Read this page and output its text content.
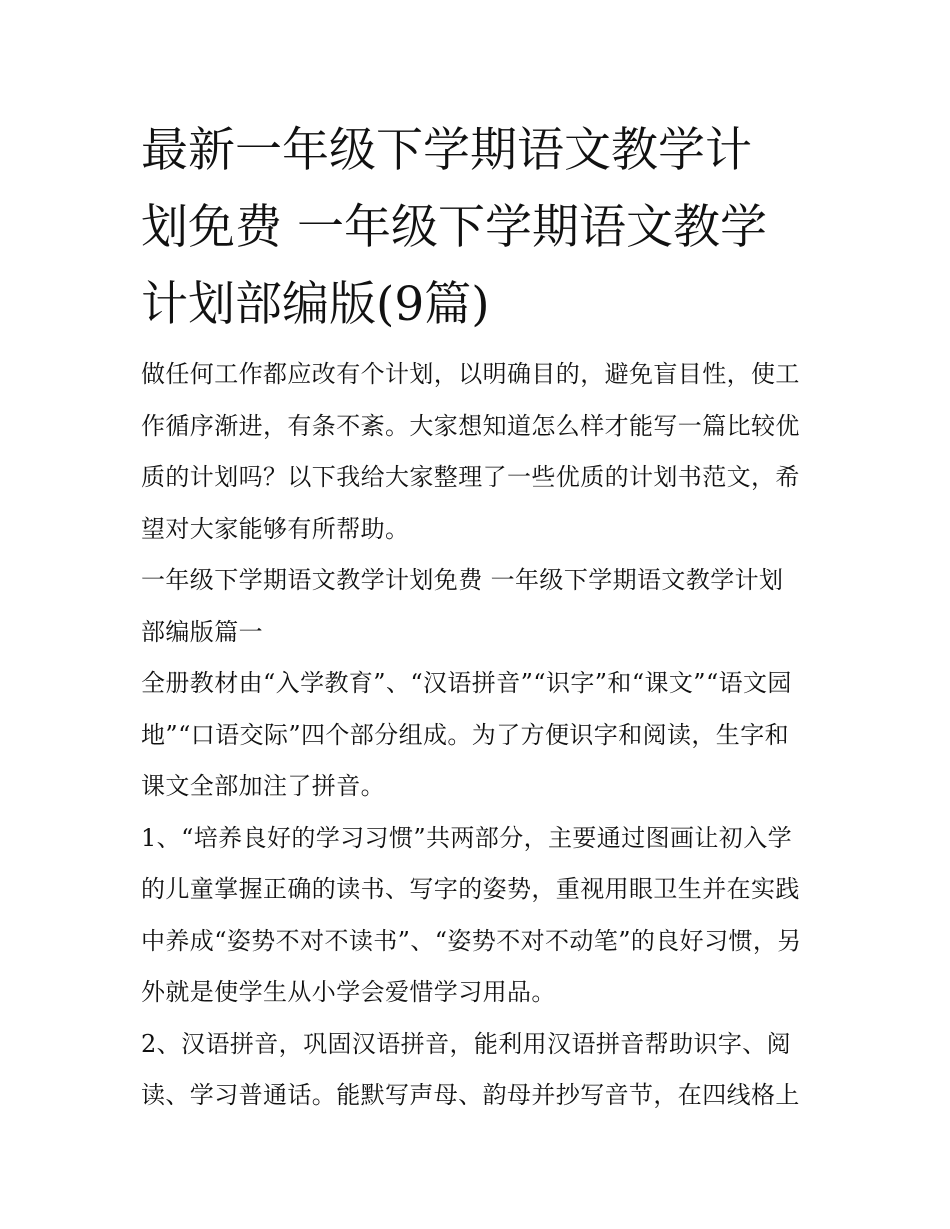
最新一年级下学期语文教学计
划免费 一年级下学期语文教学
计划部编版(9篇)

做任何工作都应改有个计划，以明确目的，避免盲目性，使工
作循序渐进，有条不紊。大家想知道怎么样才能写一篇比较优
质的计划吗？以下我给大家整理了一些优质的计划书范文，希
望对大家能够有所帮助。

一年级下学期语文教学计划免费 一年级下学期语文教学计划
部编版篇一

全册教材由“入学教育”、“汉语拼音”“识字”和“课文”“语文园
地”“口语交际”四个部分组成。为了方便识字和阅读，生字和
课文全部加注了拼音。

1、“培养良好的学习习惯”共两部分，主要通过图画让初入学
的儿童掌握正确的读书、写字的姿势，重视用眼卫生并在实践
中养成“姿势不对不读书”、“姿势不对不动笔”的良好习惯，另
外就是使学生从小学会爱惜学习用品。

2、汉语拼音，巩固汉语拼音，能利用汉语拼音帮助识字、阅
读、学习普通话。能默写声母、韵母并抄写音节，在四线格上
